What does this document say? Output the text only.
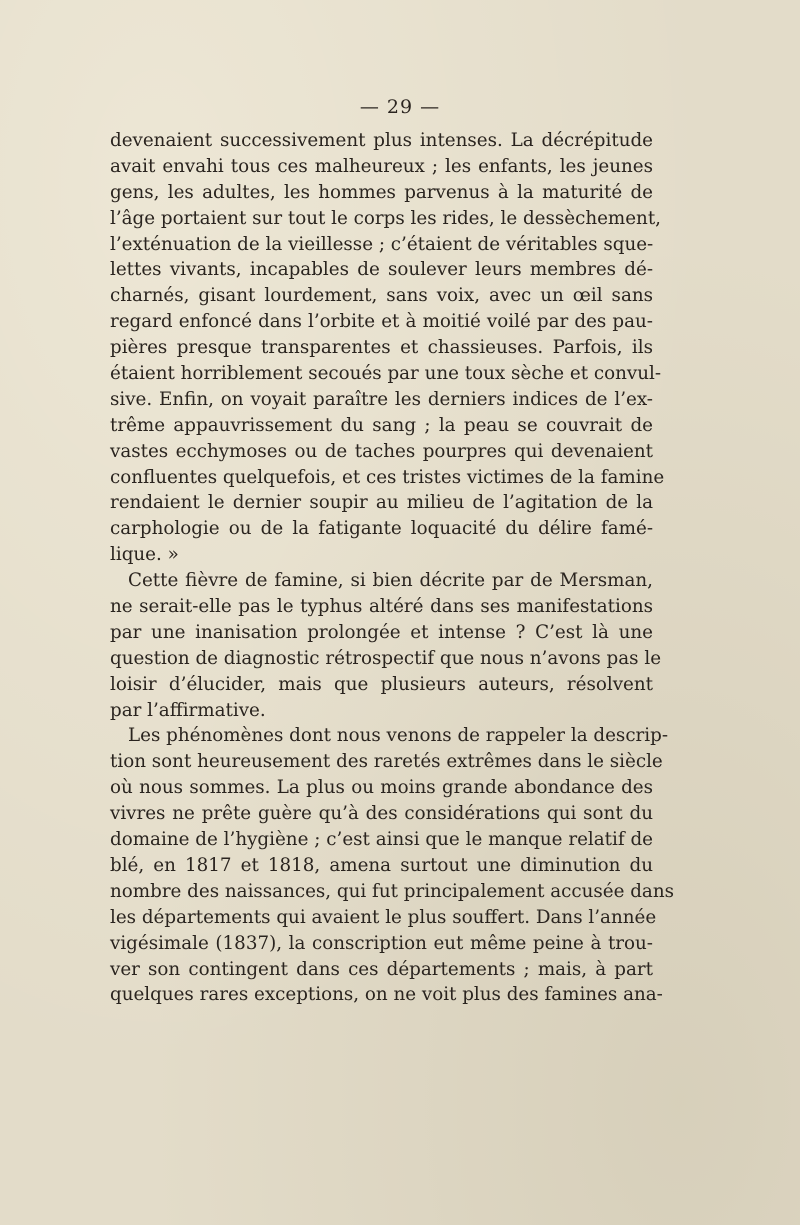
— 29 —
devenaient successivement plus intenses. La décrépitude
avait envahi tous ces malheureux ; les enfants, les jeunes
gens, les adultes, les hommes parvenus à la maturité de
l’âge portaient sur tout le corps les rides, le dessèchement,
l’exténuation de la vieillesse ; c’étaient de véritables sque-
lettes vivants, incapables de soulever leurs membres dé-
charnés, gisant lourdement, sans voix, avec un œil sans
regard enfoncé dans l’orbite et à moitié voilé par des pau-
pières presque transparentes et chassieuses. Parfois, ils
étaient horriblement secoués par une toux sèche et convul-
sive. Enfin, on voyait paraître les derniers indices de l’ex-
trême appauvrissement du sang ; la peau se couvrait de
vastes ecchymoses ou de taches pourpres qui devenaient
confluentes quelquefois, et ces tristes victimes de la famine
rendaient le dernier soupir au milieu de l’agitation de la
carphologie ou de la fatigante loquacité du délire famé-
lique. »
Cette fièvre de famine, si bien décrite par de Mersman,
ne serait-elle pas le typhus altéré dans ses manifestations
par une inanisation prolongée et intense ? C’est là une
question de diagnostic rétrospectif que nous n’avons pas le
loisir d’élucider, mais que plusieurs auteurs, résolvent
par l’affirmative.
Les phénomènes dont nous venons de rappeler la descrip-
tion sont heureusement des raretés extrêmes dans le siècle
où nous sommes. La plus ou moins grande abondance des
vivres ne prête guère qu’à des considérations qui sont du
domaine de l’hygiène ; c’est ainsi que le manque relatif de
blé, en 1817 et 1818, amena surtout une diminution du
nombre des naissances, qui fut principalement accusée dans
les départements qui avaient le plus souffert. Dans l’année
vigésimale (1837), la conscription eut même peine à trou-
ver son contingent dans ces départements ; mais, à part
quelques rares exceptions, on ne voit plus des famines ana-
